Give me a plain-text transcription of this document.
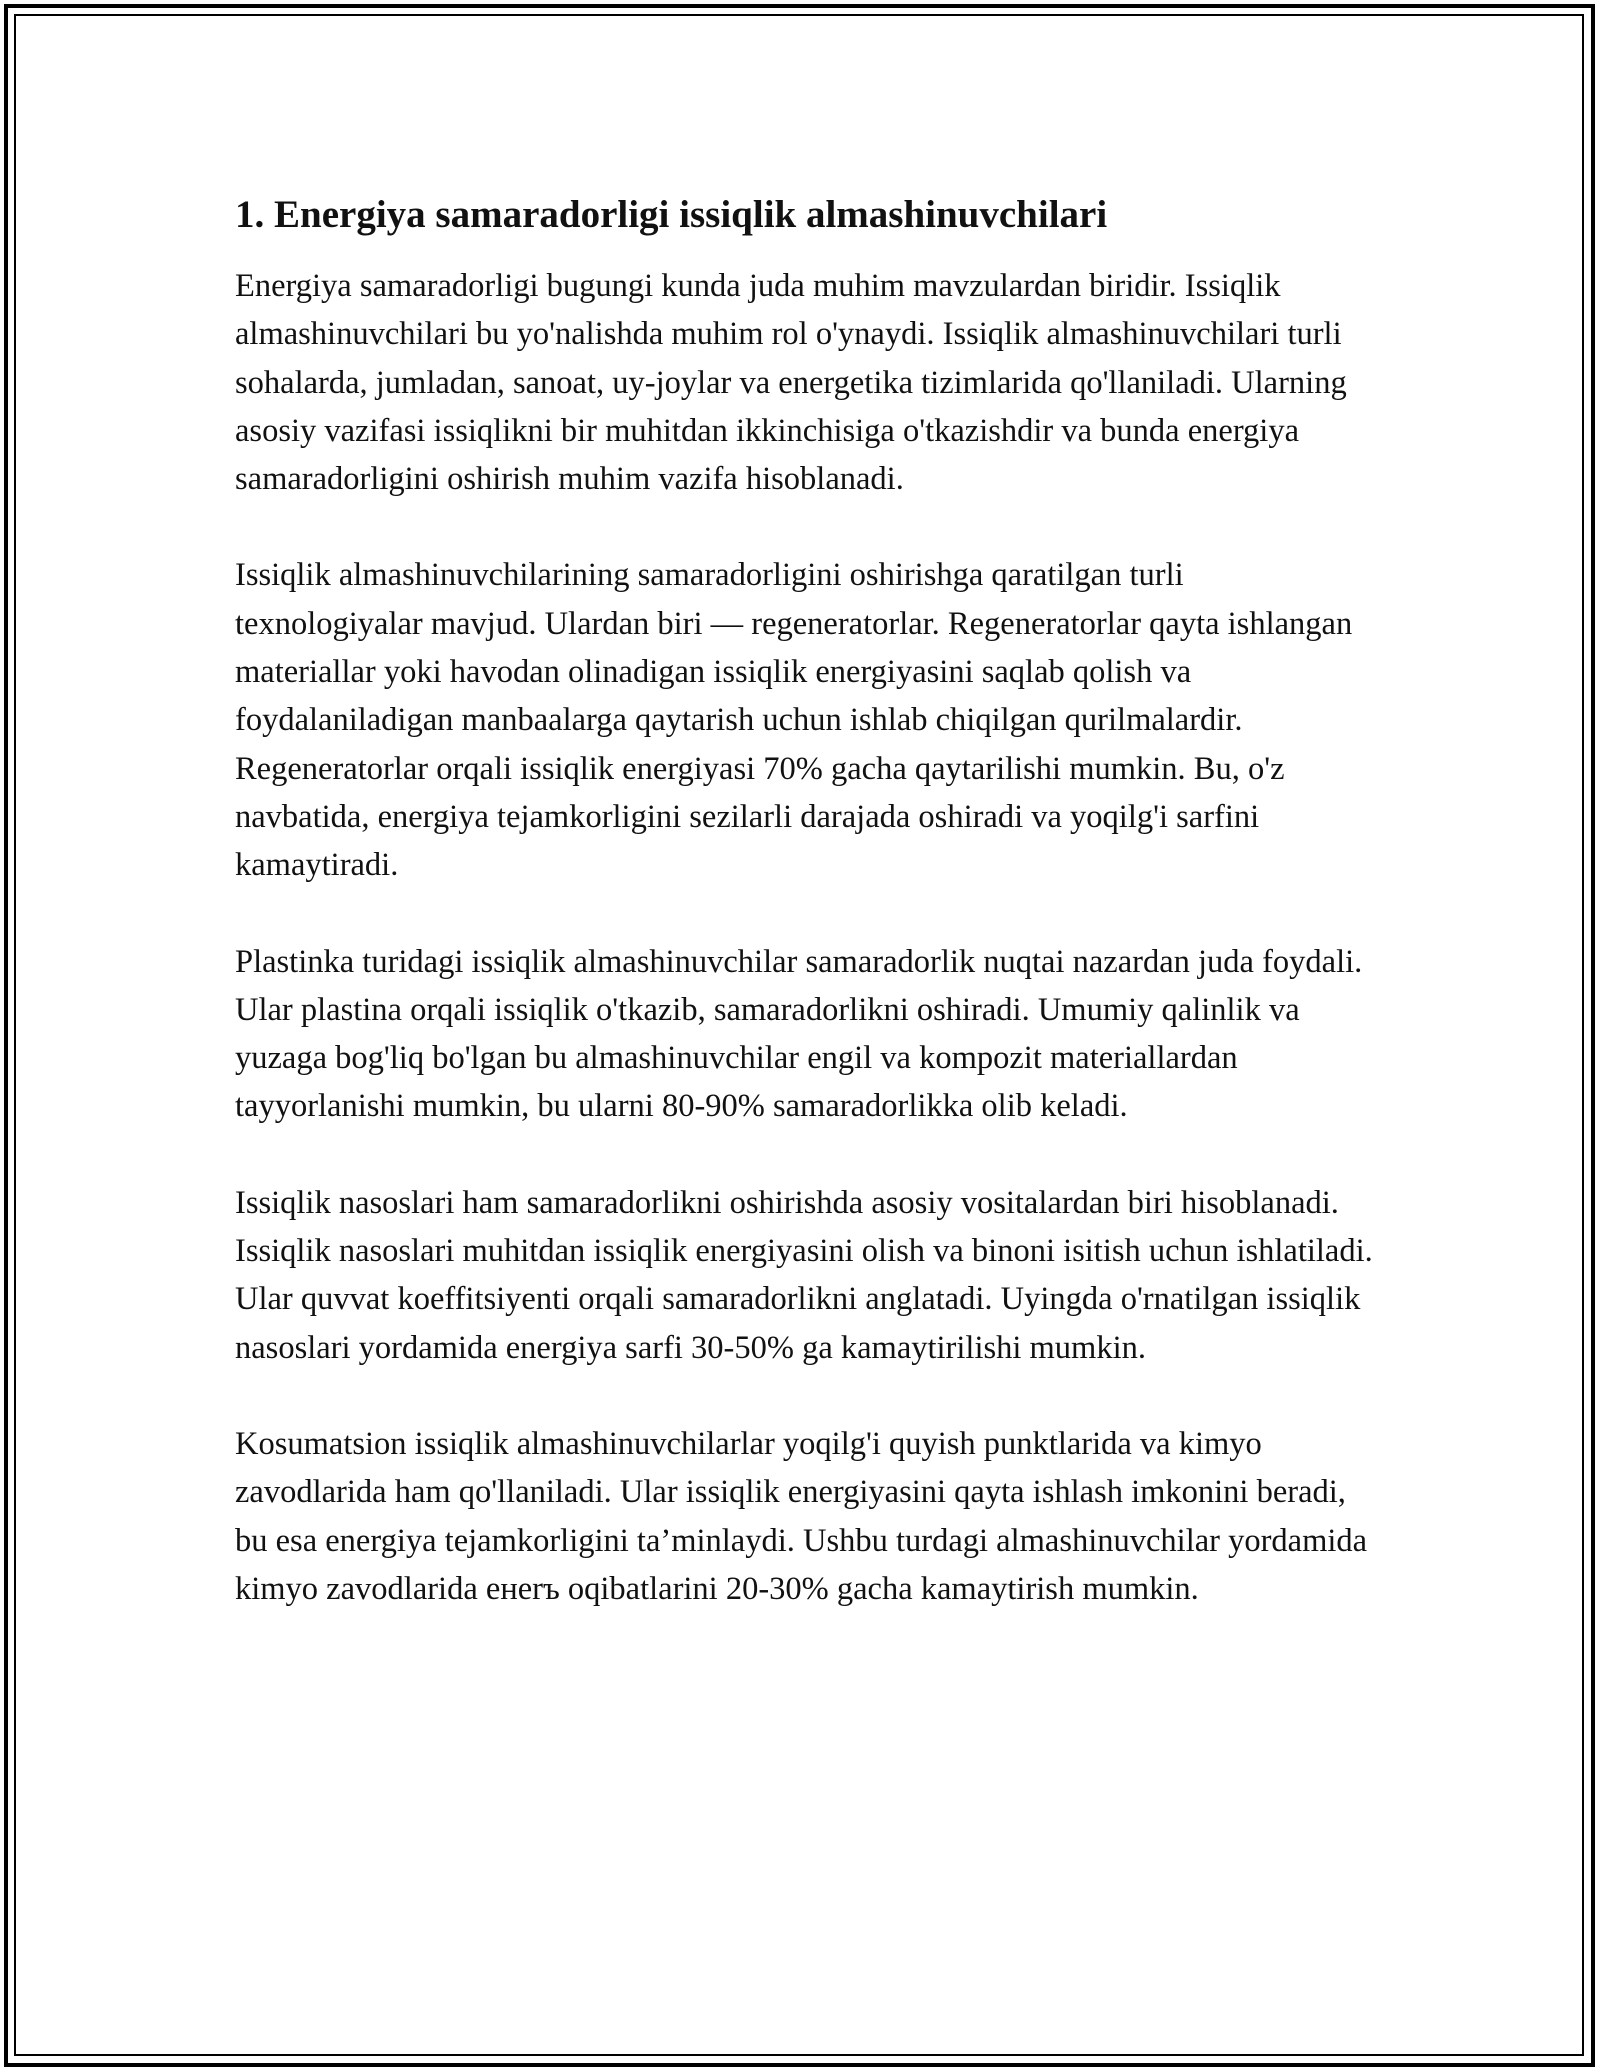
1. Energiya samaradorligi issiqlik almashinuvchilari

Energiya samaradorligi bugungi kunda juda muhim mavzulardan biridir. Issiqlik almashinuvchilari bu yo'nalishda muhim rol o'ynaydi. Issiqlik almashinuvchilari turli sohalarda, jumladan, sanoat, uy-joylar va energetika tizimlarida qo'llaniladi. Ularning asosiy vazifasi issiqlikni bir muhitdan ikkinchisiga o'tkazishdir va bunda energiya samaradorligini oshirish muhim vazifa hisoblanadi.

Issiqlik almashinuvchilarining samaradorligini oshirishga qaratilgan turli texnologiyalar mavjud. Ulardan biri — regeneratorlar. Regeneratorlar qayta ishlangan materiallar yoki havodan olinadigan issiqlik energiyasini saqlab qolish va foydalaniladigan manbaalarga qaytarish uchun ishlab chiqilgan qurilmalardir. Regeneratorlar orqali issiqlik energiyasi 70% gacha qaytarilishi mumkin. Bu, o'z navbatida, energiya tejamkorligini sezilarli darajada oshiradi va yoqilg'i sarfini kamaytiradi.

Plastinka turidagi issiqlik almashinuvchilar samaradorlik nuqtai nazardan juda foydali. Ular plastina orqali issiqlik o'tkazib, samaradorlikni oshiradi. Umumiy qalinlik va yuzaga bog'liq bo'lgan bu almashinuvchilar engil va kompozit materiallardan tayyorlanishi mumkin, bu ularni 80-90% samaradorlikka olib keladi.

Issiqlik nasoslari ham samaradorlikni oshirishda asosiy vositalardan biri hisoblanadi. Issiqlik nasoslari muhitdan issiqlik energiyasini olish va binoni isitish uchun ishlatiladi. Ular quvvat koeffitsiyenti orqali samaradorlikni anglatadi. Uyingda o'rnatilgan issiqlik nasoslari yordamida energiya sarfi 30-50% ga kamaytirilishi mumkin.

Kosumatsion issiqlik almashinuvchilarlar yoqilg'i quyish punktlarida va kimyo zavodlarida ham qo'llaniladi. Ular issiqlik energiyasini qayta ishlash imkonini beradi, bu esa energiya tejamkorligini ta’minlaydi. Ushbu turdagi almashinuvchilar yordamida kimyo zavodlarida енеrъ oqibatlarini 20-30% gacha kamaytirish mumkin.
